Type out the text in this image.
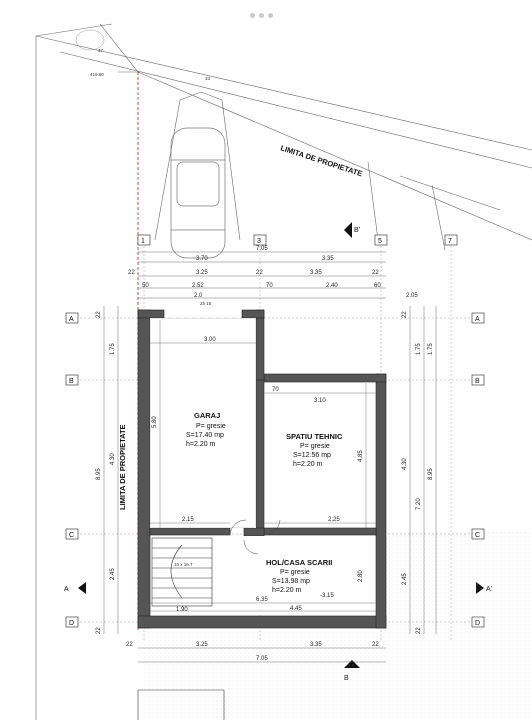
37
419.80
33
LIMITA DE PROPIETATE
LIMITA DE PROPIETATE
1	3	5	7
A
B
C
D
A
B
B'
A
15 x 16.7
7.05
3.70	3.35
22	3.25	22	3.35	22
50	2.52	70	2.40	60
2.0	2.05
25 15
22
1.75
8.95
4.30
2.45
22
22
1.75 1.75
4.30
8.95
7.20
2.45
22
22	3.25	3.35	22
7.05
3.00
5.80
70
3.10
4.85
2.15	2.25
6.35
4.45
1.90
2.80
-3.15
GARAJ
P= gresie
S=17.40 mp
h=2.20 m
SPATIU TEHNIC
P= gresie
S=12.56 mp
h=2.20 m
HOL/CASA SCARII
P= gresie
S=13.98 mp
h=2.20 m
